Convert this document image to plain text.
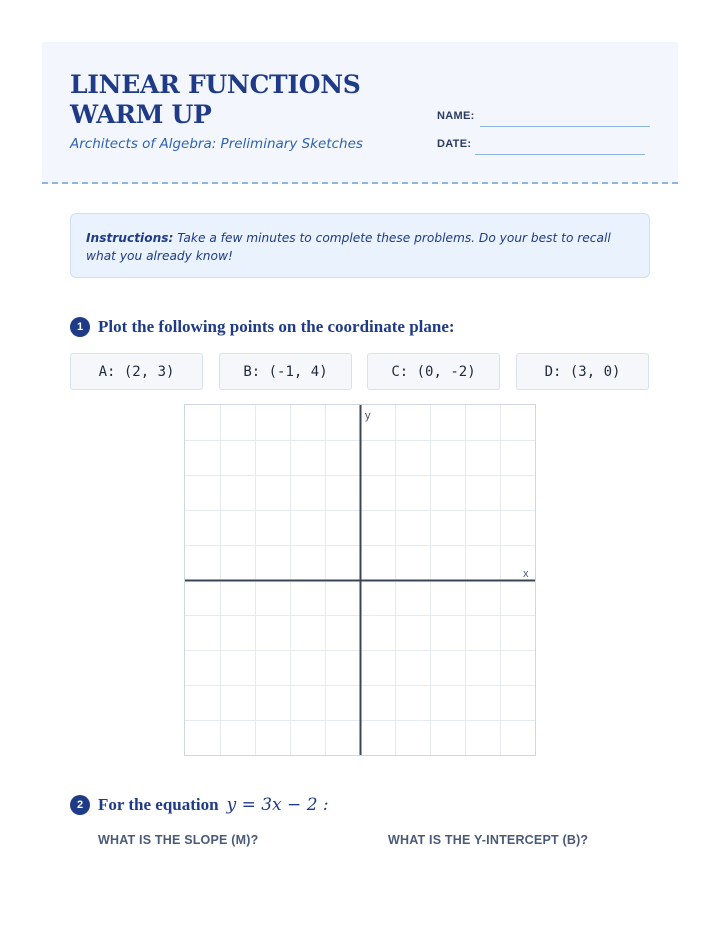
LINEAR FUNCTIONS WARM UP
Architects of Algebra: Preliminary Sketches
NAME:
DATE:
Instructions: Take a few minutes to complete these problems. Do your best to recall what you already know!
1 Plot the following points on the coordinate plane:
A: (2, 3)	B: (-1, 4)	C: (0, -2)	D: (3, 0)
y
x
2 For the equation y = 3x − 2 :
WHAT IS THE SLOPE (M)?	WHAT IS THE Y-INTERCEPT (B)?
